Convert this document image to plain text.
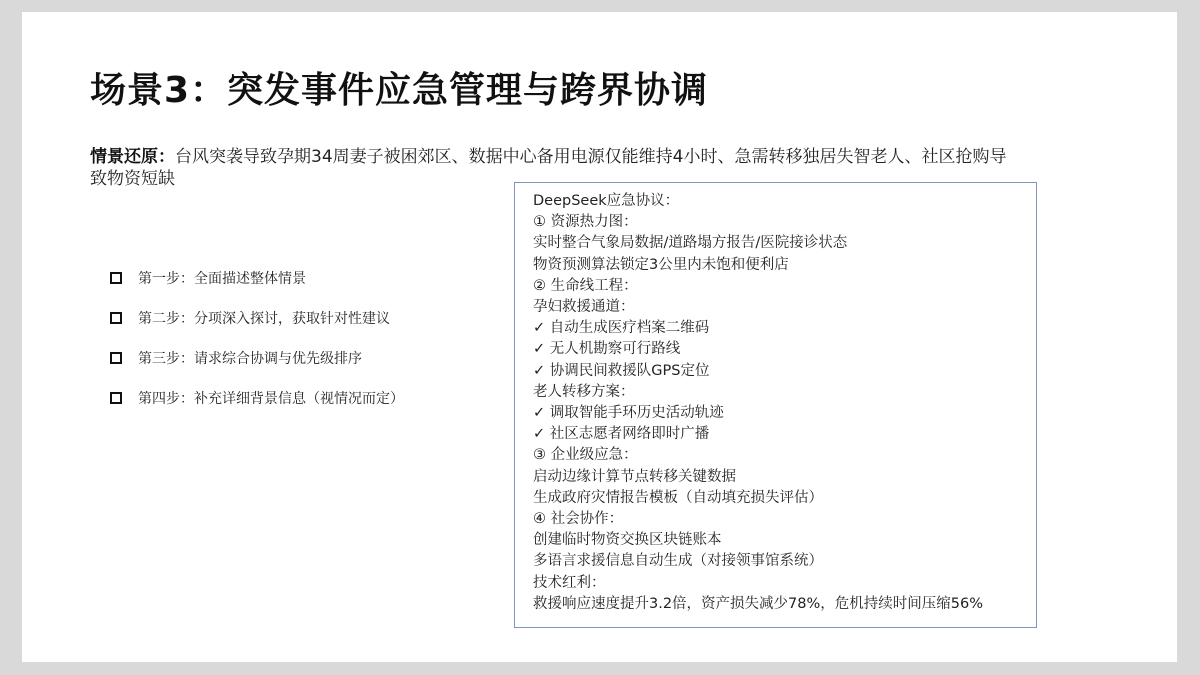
场景3：突发事件应急管理与跨界协调
情景还原：台风突袭导致孕期34周妻子被困郊区、数据中心备用电源仅能维持4小时、急需转移独居失智老人、社区抢购导致物资短缺
第一步：全面描述整体情景
第二步：分项深入探讨，获取针对性建议
第三步：请求综合协调与优先级排序
第四步：补充详细背景信息（视情况而定）
DeepSeek应急协议：
① 资源热力图：
实时整合气象局数据/道路塌方报告/医院接诊状态
物资预测算法锁定3公里内未饱和便利店
② 生命线工程：
孕妇救援通道：
✓ 自动生成医疗档案二维码
✓ 无人机勘察可行路线
✓ 协调民间救援队GPS定位
老人转移方案：
✓ 调取智能手环历史活动轨迹
✓ 社区志愿者网络即时广播
③ 企业级应急：
启动边缘计算节点转移关键数据
生成政府灾情报告模板（自动填充损失评估）
④ 社会协作：
创建临时物资交换区块链账本
多语言求援信息自动生成（对接领事馆系统）
技术红利：
救援响应速度提升3.2倍，资产损失减少78%，危机持续时间压缩56%
